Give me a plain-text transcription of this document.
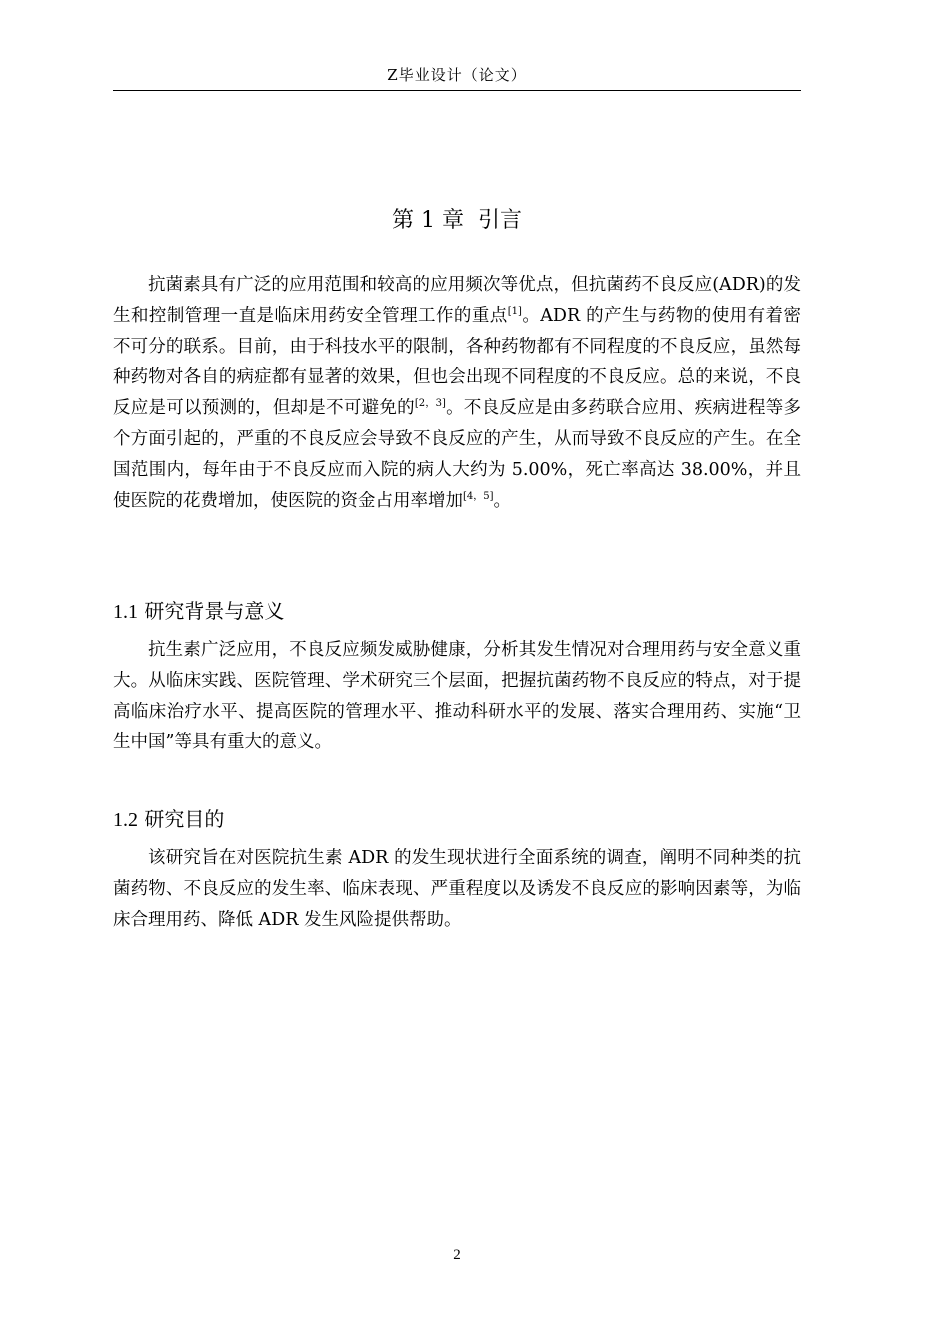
Z毕业设计（论文）
第 1 章 引言

抗菌素具有广泛的应用范围和较高的应用频次等优点，但抗菌药不良反应(ADR)的发生和控制管理一直是临床用药安全管理工作的重点[1]。ADR 的产生与药物的使用有着密不可分的联系。目前，由于科技水平的限制，各种药物都有不同程度的不良反应，虽然每种药物对各自的病症都有显著的效果，但也会出现不同程度的不良反应。总的来说，不良反应是可以预测的，但却是不可避免的[2，3]。不良反应是由多药联合应用、疾病进程等多个方面引起的，严重的不良反应会导致不良反应的产生，从而导致不良反应的产生。在全国范围内，每年由于不良反应而入院的病人大约为 5.00%，死亡率高达 38.00%，并且使医院的花费增加，使医院的资金占用率增加[4，5]。

1.1 研究背景与意义

抗生素广泛应用，不良反应频发威胁健康，分析其发生情况对合理用药与安全意义重大。从临床实践、医院管理、学术研究三个层面，把握抗菌药物不良反应的特点，对于提高临床治疗水平、提高医院的管理水平、推动科研水平的发展、落实合理用药、实施“卫生中国”等具有重大的意义。

1.2 研究目的

该研究旨在对医院抗生素 ADR 的发生现状进行全面系统的调查，阐明不同种类的抗菌药物、不良反应的发生率、临床表现、严重程度以及诱发不良反应的影响因素等，为临床合理用药、降低 ADR 发生风险提供帮助。

2
